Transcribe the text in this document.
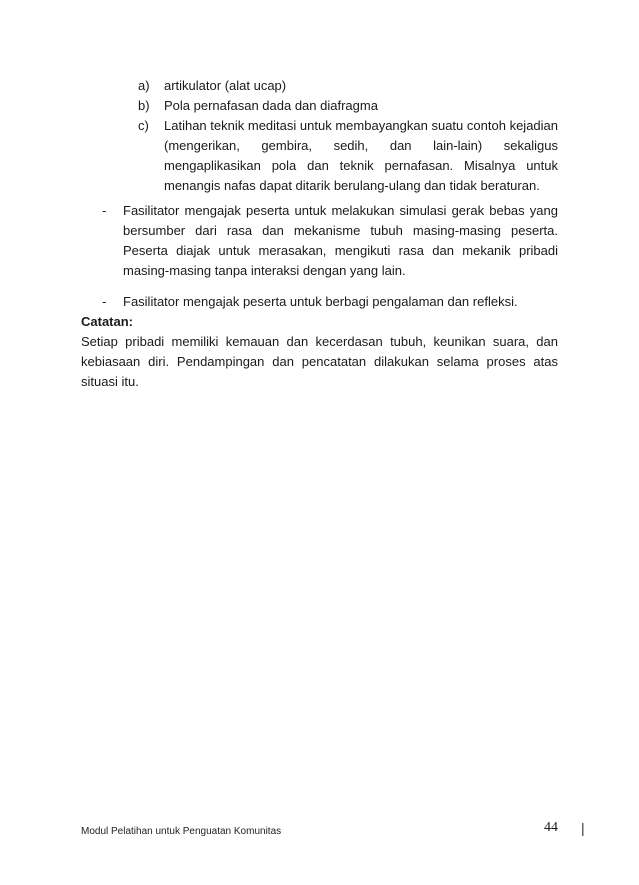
a)	artikulator (alat ucap)
b)	Pola pernafasan dada dan diafragma
c)	Latihan teknik meditasi untuk membayangkan suatu contoh kejadian (mengerikan, gembira, sedih, dan lain-lain) sekaligus mengaplikasikan pola dan teknik pernafasan. Misalnya untuk menangis nafas dapat ditarik berulang-ulang dan tidak beraturan.
-	Fasilitator mengajak peserta untuk melakukan simulasi gerak bebas yang bersumber dari rasa dan mekanisme tubuh masing-masing peserta. Peserta diajak untuk merasakan, mengikuti rasa dan mekanik pribadi masing-masing tanpa interaksi dengan yang lain.
-	Fasilitator mengajak peserta untuk berbagi pengalaman dan refleksi.
Catatan:
Setiap pribadi memiliki kemauan dan kecerdasan tubuh, keunikan suara, dan kebiasaan diri. Pendampingan dan pencatatan dilakukan selama proses atas situasi itu.
Modul Pelatihan untuk Penguatan Komunitas	|
44
